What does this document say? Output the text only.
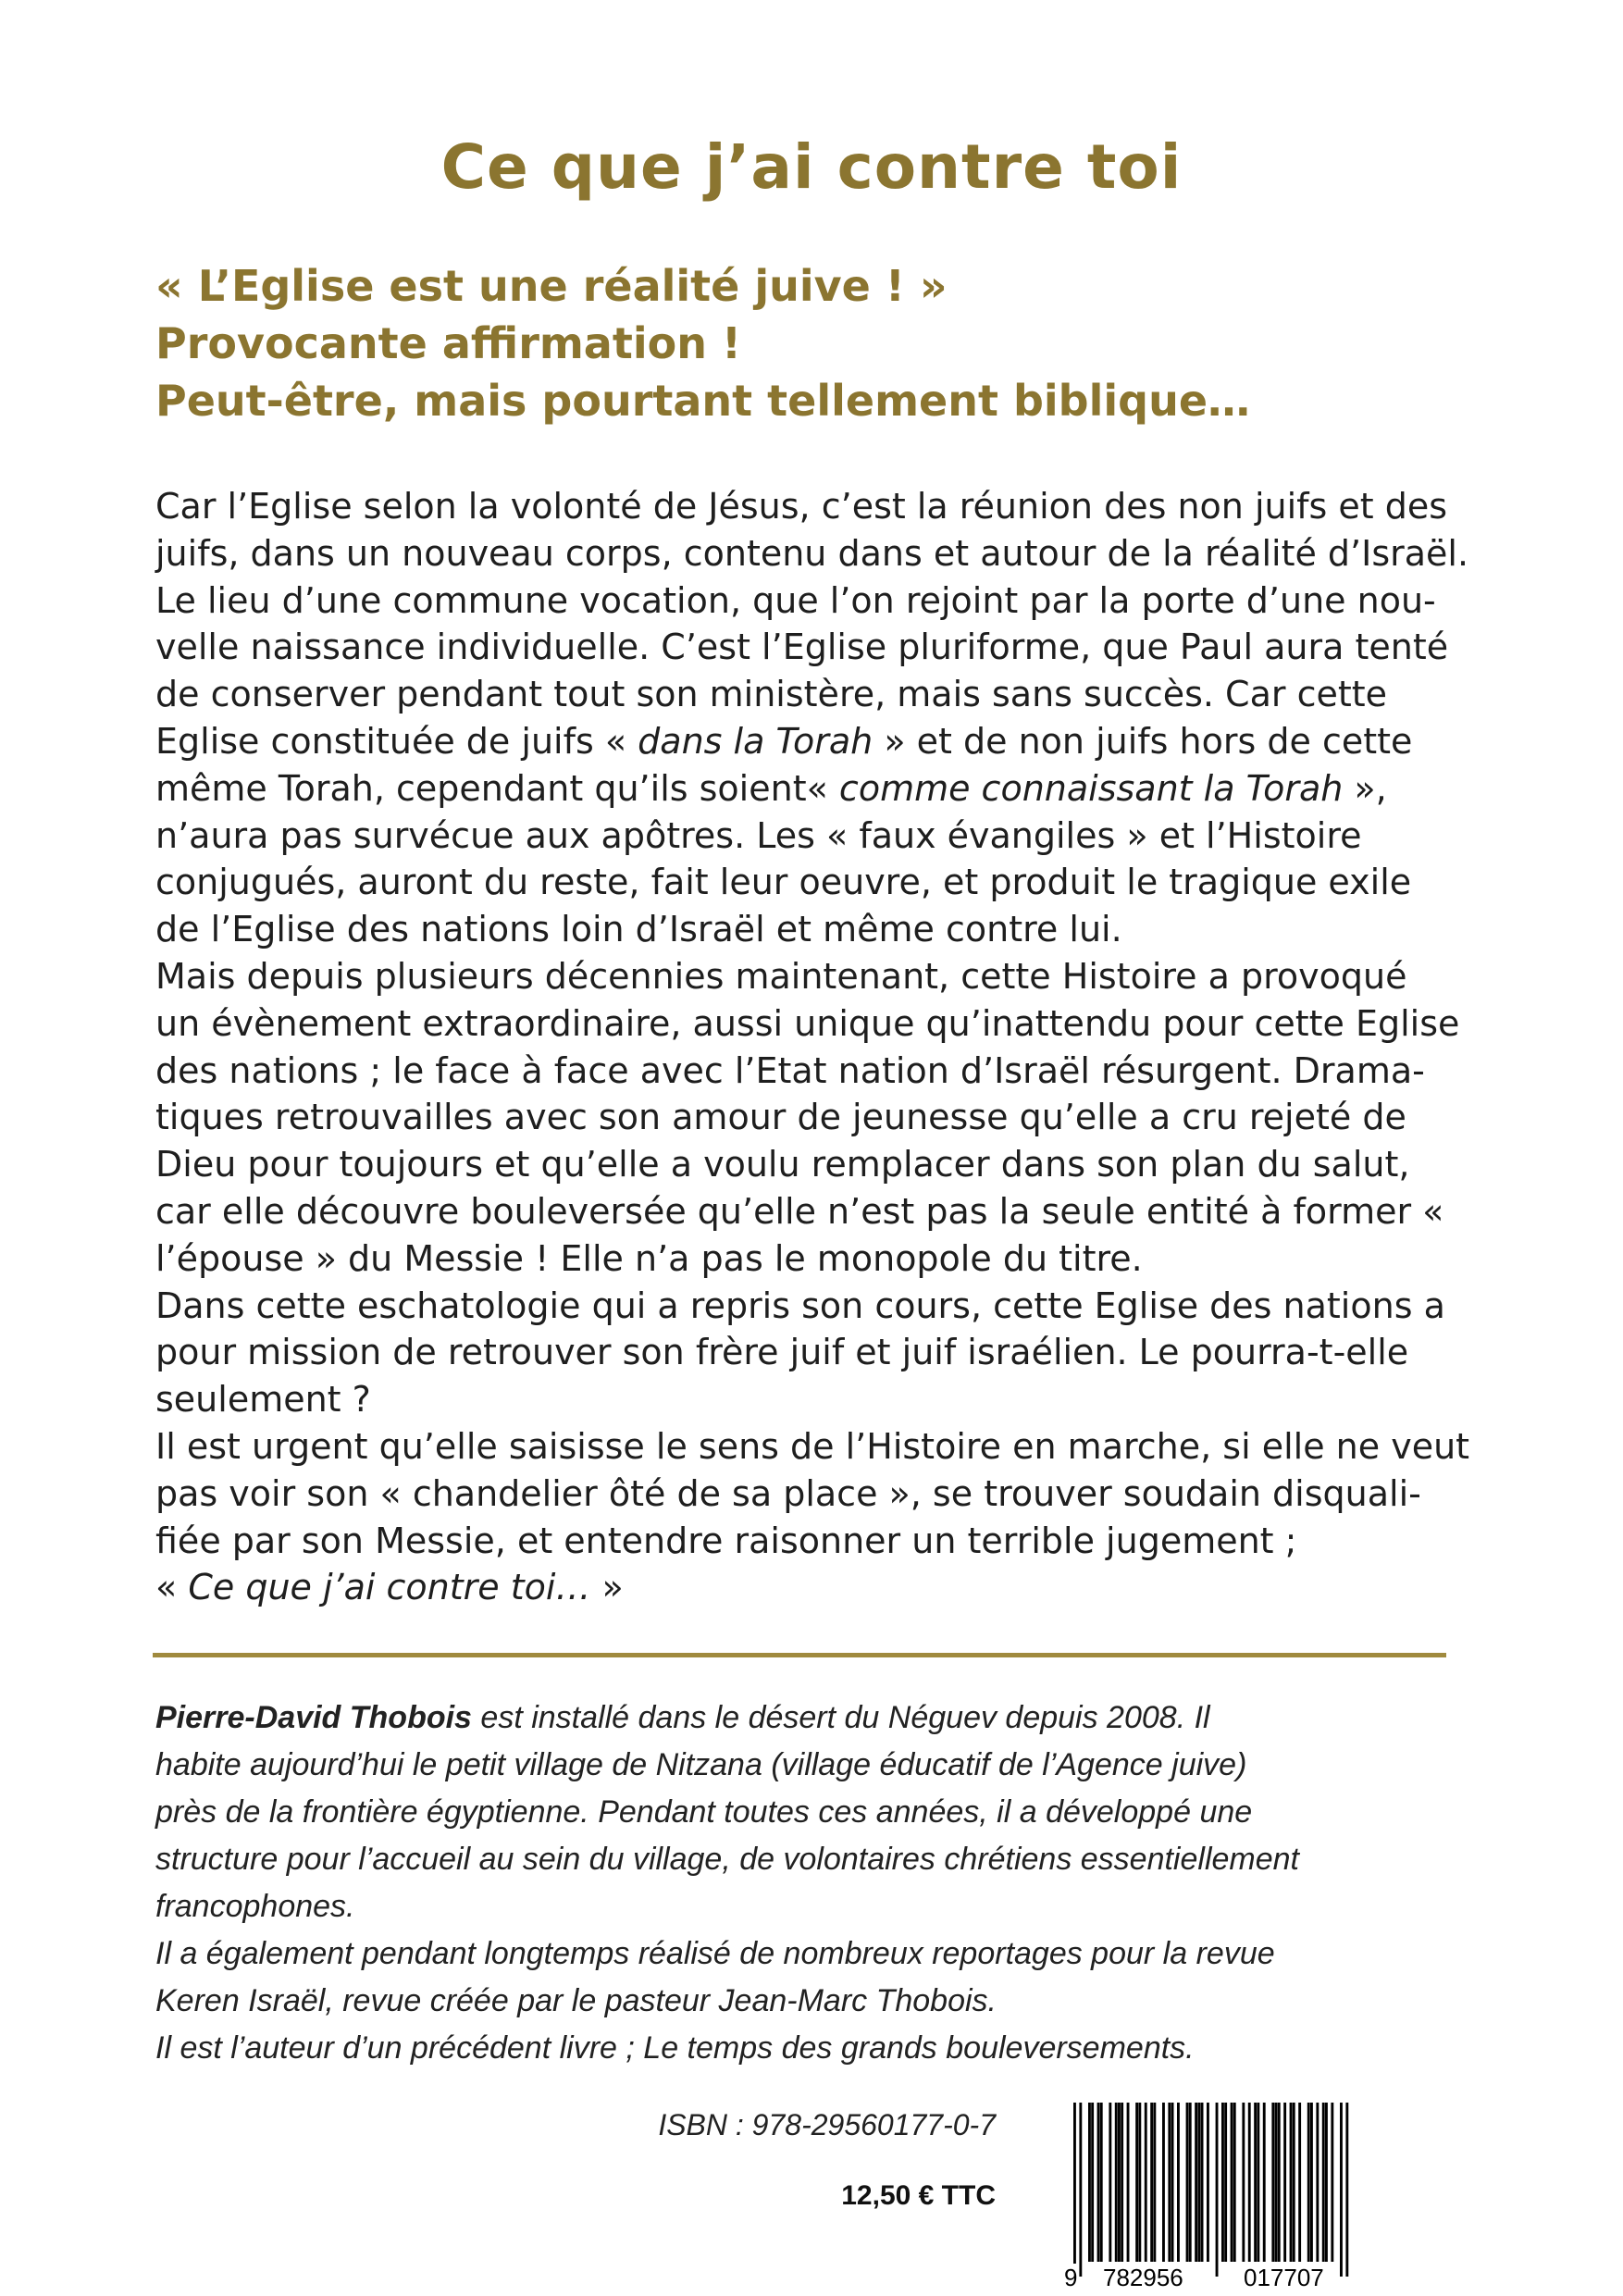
Ce que j’ai contre toi
« L’Eglise est une réalité juive ! »
Provocante affirmation !
Peut-être, mais pourtant tellement biblique…
Car l’Eglise selon la volonté de Jésus, c’est la réunion des non juifs et des
juifs, dans un nouveau corps, contenu dans et autour de la réalité d’Israël.
Le lieu d’une commune vocation, que l’on rejoint par la porte d’une nou-
velle naissance individuelle. C’est l’Eglise pluriforme, que Paul aura tenté
de conserver pendant tout son ministère, mais sans succès. Car cette
Eglise constituée de juifs « dans la Torah » et de non juifs hors de cette
même Torah, cependant qu’ils soient« comme connaissant la Torah »,
n’aura pas survécue aux apôtres. Les « faux évangiles » et l’Histoire
conjugués, auront du reste, fait leur oeuvre, et produit le tragique exile
de l’Eglise des nations loin d’Israël et même contre lui.
Mais depuis plusieurs décennies maintenant, cette Histoire a provoqué
un évènement extraordinaire, aussi unique qu’inattendu pour cette Eglise
des nations ; le face à face avec l’Etat nation d’Israël résurgent. Drama-
tiques retrouvailles avec son amour de jeunesse qu’elle a cru rejeté de
Dieu pour toujours et qu’elle a voulu remplacer dans son plan du salut,
car elle découvre bouleversée qu’elle n’est pas la seule entité à former «
l’épouse » du Messie ! Elle n’a pas le monopole du titre.
Dans cette eschatologie qui a repris son cours, cette Eglise des nations a
pour mission de retrouver son frère juif et juif israélien. Le pourra-t-elle
seulement ?
Il est urgent qu’elle saisisse le sens de l’Histoire en marche, si elle ne veut
pas voir son « chandelier ôté de sa place », se trouver soudain disquali-
fiée par son Messie, et entendre raisonner un terrible jugement ;
« Ce que j’ai contre toi… »
Pierre-David Thobois est installé dans le désert du Néguev depuis 2008. Il
habite aujourd’hui le petit village de Nitzana (village éducatif de l’Agence juive)
près de la frontière égyptienne. Pendant toutes ces années, il a développé une
structure pour l’accueil au sein du village, de volontaires chrétiens essentiellement
francophones.
Il a également pendant longtemps réalisé de nombreux reportages pour la revue
Keren Israël, revue créée par le pasteur Jean-Marc Thobois.
Il est l’auteur d’un précédent livre ; Le temps des grands bouleversements.
ISBN : 978-29560177-0-7
12,50 € TTC
9 782956	017707
